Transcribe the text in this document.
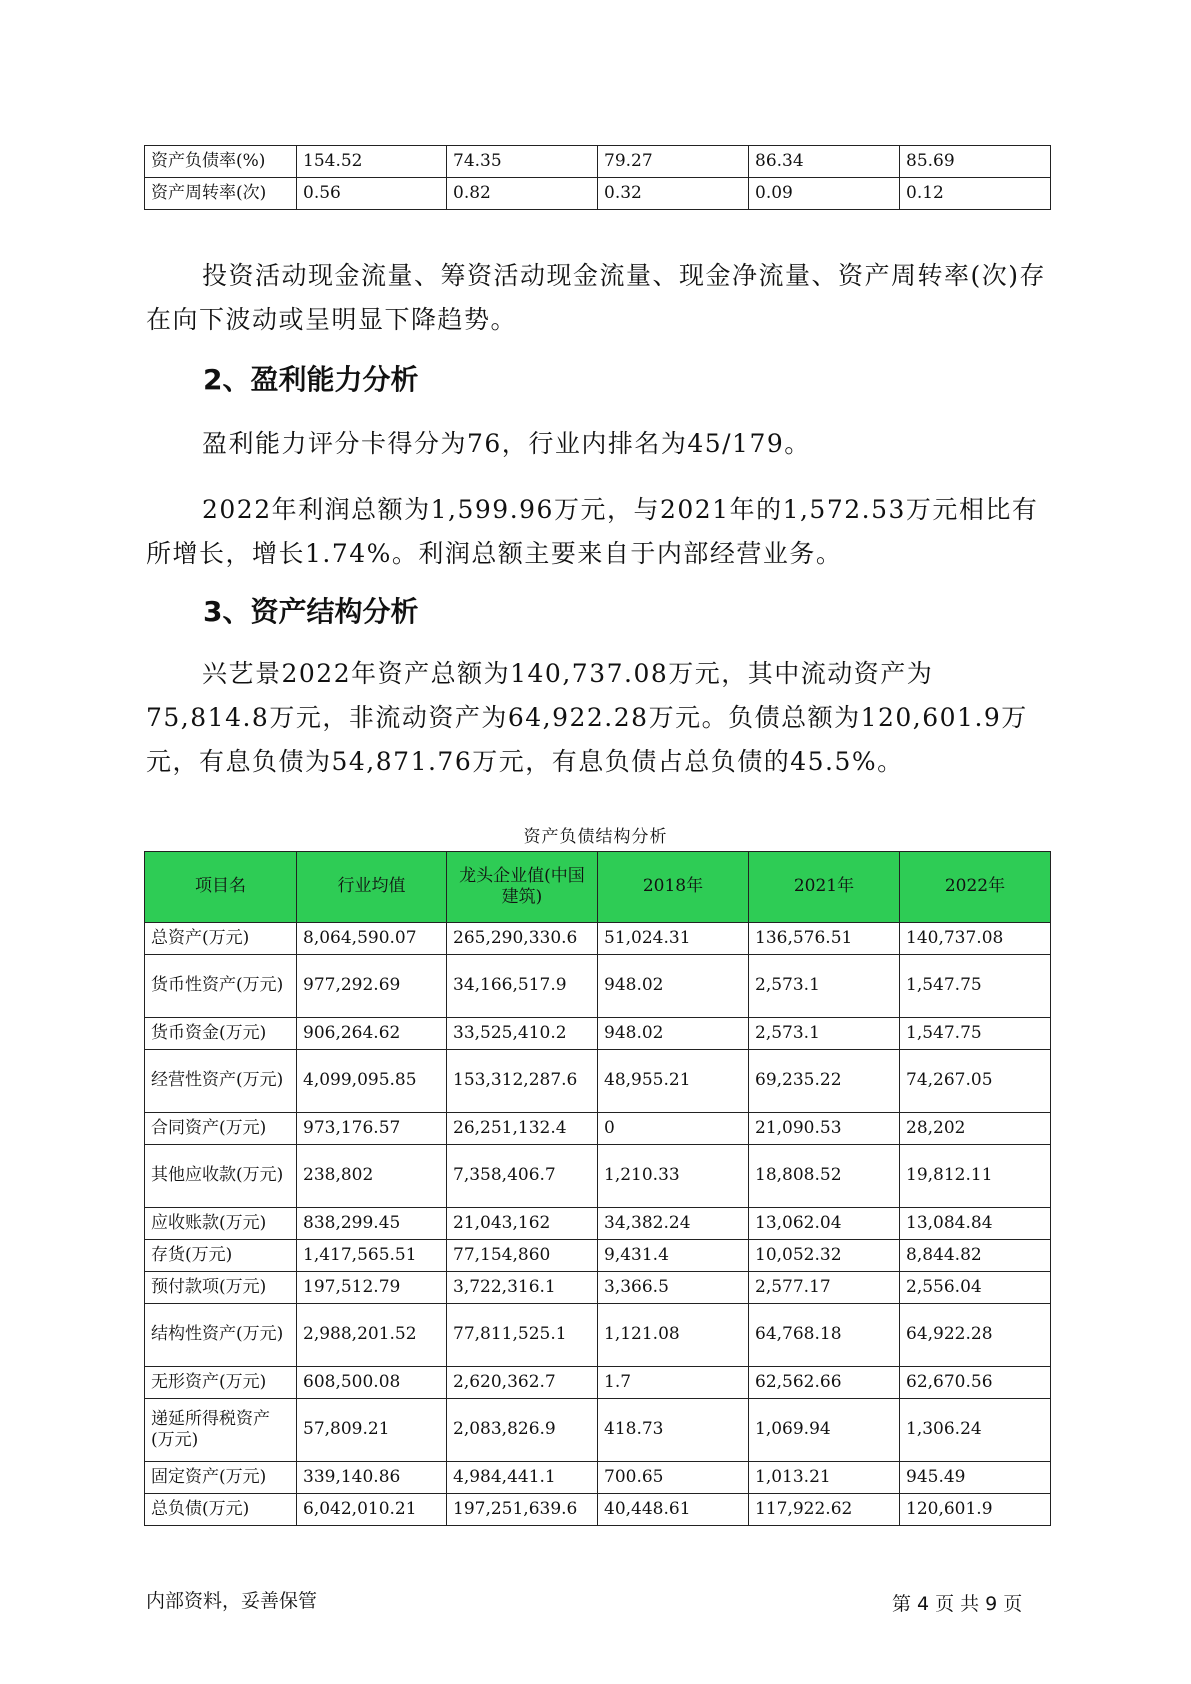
资产负债率(%)	154.52	74.35	79.27	86.34	85.69
资产周转率(次)	0.56	0.82	0.32	0.09	0.12

投资活动现金流量、筹资活动现金流量、现金净流量、资产周转率(次)存在向下波动或呈明显下降趋势。

2、盈利能力分析

盈利能力评分卡得分为76，行业内排名为45/179。

2022年利润总额为1,599.96万元，与2021年的1,572.53万元相比有所增长，增长1.74%。利润总额主要来自于内部经营业务。

3、资产结构分析

兴艺景2022年资产总额为140,737.08万元，其中流动资产为75,814.8万元，非流动资产为64,922.28万元。负债总额为120,601.9万元，有息负债为54,871.76万元，有息负债占总负债的45.5%。

资产负债结构分析
项目名	行业均值	龙头企业值(中国建筑)	2018年	2021年	2022年
总资产(万元)	8,064,590.07	265,290,330.6	51,024.31	136,576.51	140,737.08
货币性资产(万元)	977,292.69	34,166,517.9	948.02	2,573.1	1,547.75
货币资金(万元)	906,264.62	33,525,410.2	948.02	2,573.1	1,547.75
经营性资产(万元)	4,099,095.85	153,312,287.6	48,955.21	69,235.22	74,267.05
合同资产(万元)	973,176.57	26,251,132.4	0	21,090.53	28,202
其他应收款(万元)	238,802	7,358,406.7	1,210.33	18,808.52	19,812.11
应收账款(万元)	838,299.45	21,043,162	34,382.24	13,062.04	13,084.84
存货(万元)	1,417,565.51	77,154,860	9,431.4	10,052.32	8,844.82
预付款项(万元)	197,512.79	3,722,316.1	3,366.5	2,577.17	2,556.04
结构性资产(万元)	2,988,201.52	77,811,525.1	1,121.08	64,768.18	64,922.28
无形资产(万元)	608,500.08	2,620,362.7	1.7	62,562.66	62,670.56
递延所得税资产(万元)	57,809.21	2,083,826.9	418.73	1,069.94	1,306.24
固定资产(万元)	339,140.86	4,984,441.1	700.65	1,013.21	945.49
总负债(万元)	6,042,010.21	197,251,639.6	40,448.61	117,922.62	120,601.9
内部资料，妥善保管	第 4 页 共 9 页
